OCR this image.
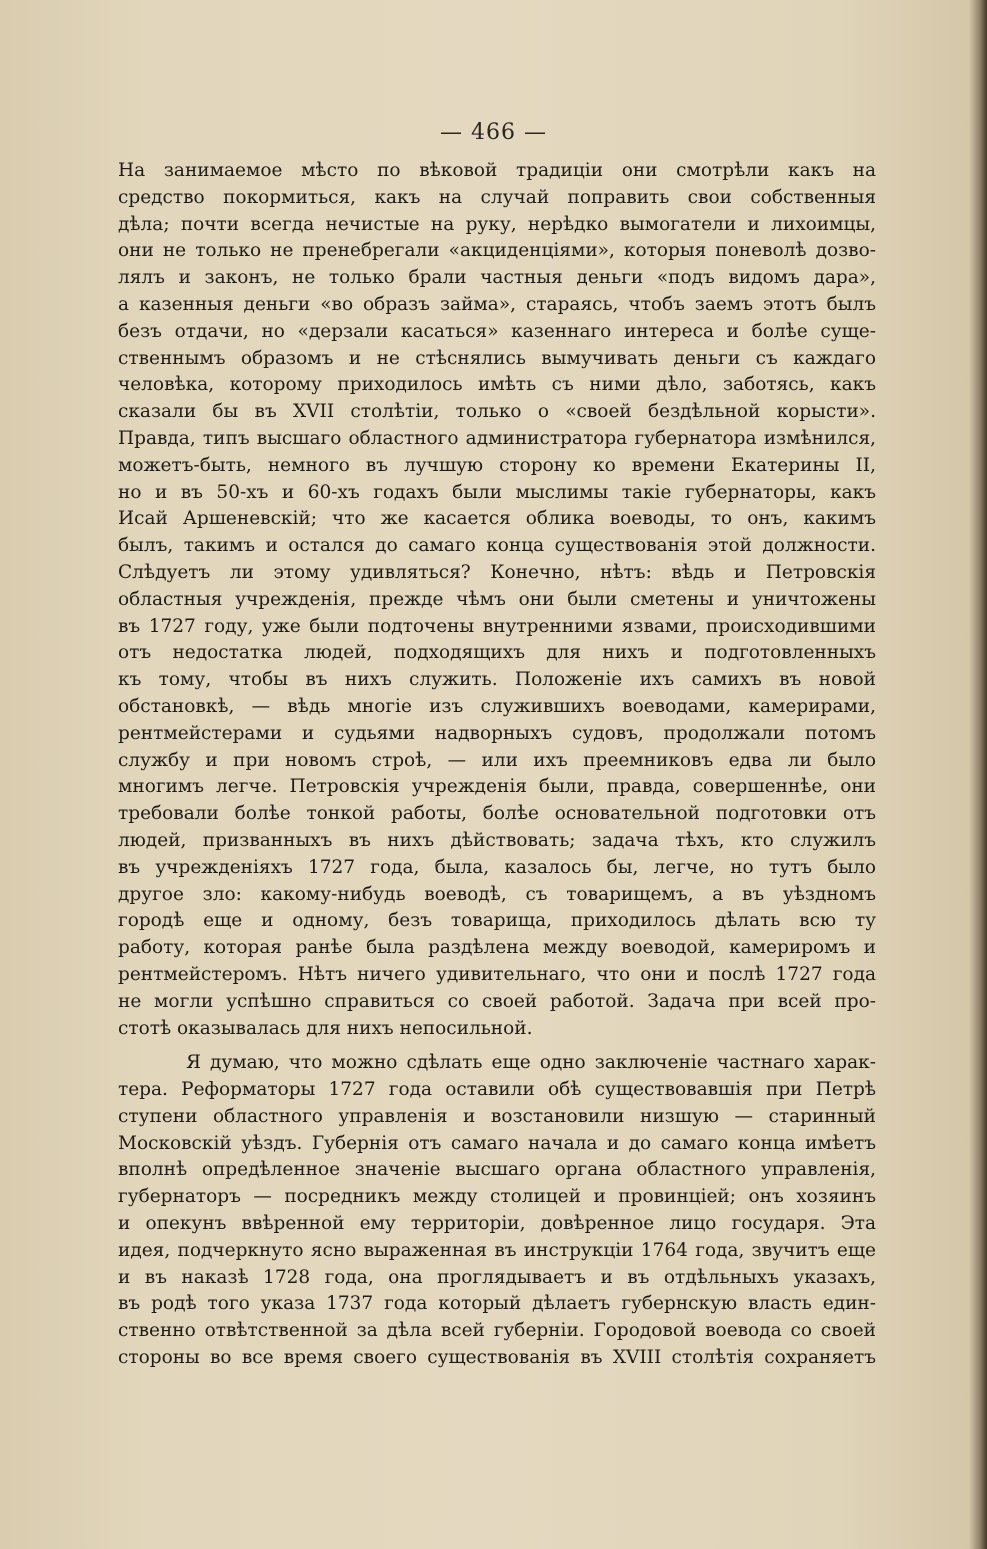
— 466 —
На занимаемое мѣсто по вѣковой традицiи они смотрѣли какъ на
средство покормиться, какъ на случай поправить свои собственныя
дѣла; почти всегда нечистые на руку, нерѣдко вымогатели и лихоимцы,
они не только не пренебрегали «акциденцiями», которыя поневолѣ дозво-
лялъ и законъ, не только брали частныя деньги «подъ видомъ дара»,
а казенныя деньги «во образъ займа», стараясь, чтобъ заемъ этотъ былъ
безъ отдачи, но «дерзали касаться» казеннаго интереса и болѣе суще-
ственнымъ образомъ и не стѣснялись вымучивать деньги съ каждаго
человѣка, которому приходилось имѣть съ ними дѣло, заботясь, какъ
сказали бы въ XVII столѣтiи, только о «своей бездѣльной корысти».
Правда, типъ высшаго областного администратора губернатора измѣнился,
можетъ-быть, немного въ лучшую сторону ко времени Екатерины II,
но и въ 50-хъ и 60-хъ годахъ были мыслимы такiе губернаторы, какъ
Исай Аршеневскiй; что же касается облика воеводы, то онъ, какимъ
былъ, такимъ и остался до самаго конца существованiя этой должности.
Слѣдуетъ ли этому удивляться? Конечно, нѣтъ: вѣдь и Петровскiя
областныя учрежденiя, прежде чѣмъ они были сметены и уничтожены
въ 1727 году, уже были подточены внутренними язвами, происходившими
отъ недостатка людей, подходящихъ для нихъ и подготовленныхъ
къ тому, чтобы въ нихъ служить. Положенiе ихъ самихъ въ новой
обстановкѣ, — вѣдь многiе изъ служившихъ воеводами, камерирами,
рентмейстерами и судьями надворныхъ судовъ, продолжали потомъ
службу и при новомъ строѣ, — или ихъ преемниковъ едва ли было
многимъ легче. Петровскiя учрежденiя были, правда, совершеннѣе, они
требовали болѣе тонкой работы, болѣе основательной подготовки отъ
людей, призванныхъ въ нихъ дѣйствовать; задача тѣхъ, кто служилъ
въ учрежденiяхъ 1727 года, была, казалось бы, легче, но тутъ было
другое зло: какому-нибудь воеводѣ, съ товарищемъ, а въ уѣздномъ
городѣ еще и одному, безъ товарища, приходилось дѣлать всю ту
работу, которая ранѣе была раздѣлена между воеводой, камериромъ и
рентмейстеромъ. Нѣтъ ничего удивительнаго, что они и послѣ 1727 года
не могли успѣшно справиться со своей работой. Задача при всей про-
стотѣ оказывалась для нихъ непосильной.
Я думаю, что можно сдѣлать еще одно заключенiе частнаго харак-
тера. Реформаторы 1727 года оставили обѣ существовавшiя при Петрѣ
ступени областного управленiя и возстановили низшую — старинный
Московскiй уѣздъ. Губернiя отъ самаго начала и до самаго конца имѣетъ
вполнѣ опредѣленное значенiе высшаго органа областного управленiя,
губернаторъ — посредникъ между столицей и провинцiей; онъ хозяинъ
и опекунъ ввѣренной ему территорiи, довѣренное лицо государя. Эта
идея, подчеркнуто ясно выраженная въ инструкцiи 1764 года, звучитъ еще
и въ наказѣ 1728 года, она проглядываетъ и въ отдѣльныхъ указахъ,
въ родѣ того указа 1737 года который дѣлаетъ губернскую власть един-
ственно отвѣтственной за дѣла всей губернiи. Городовой воевода со своей
стороны во все время своего существованiя въ XVIII столѣтiя сохраняетъ
